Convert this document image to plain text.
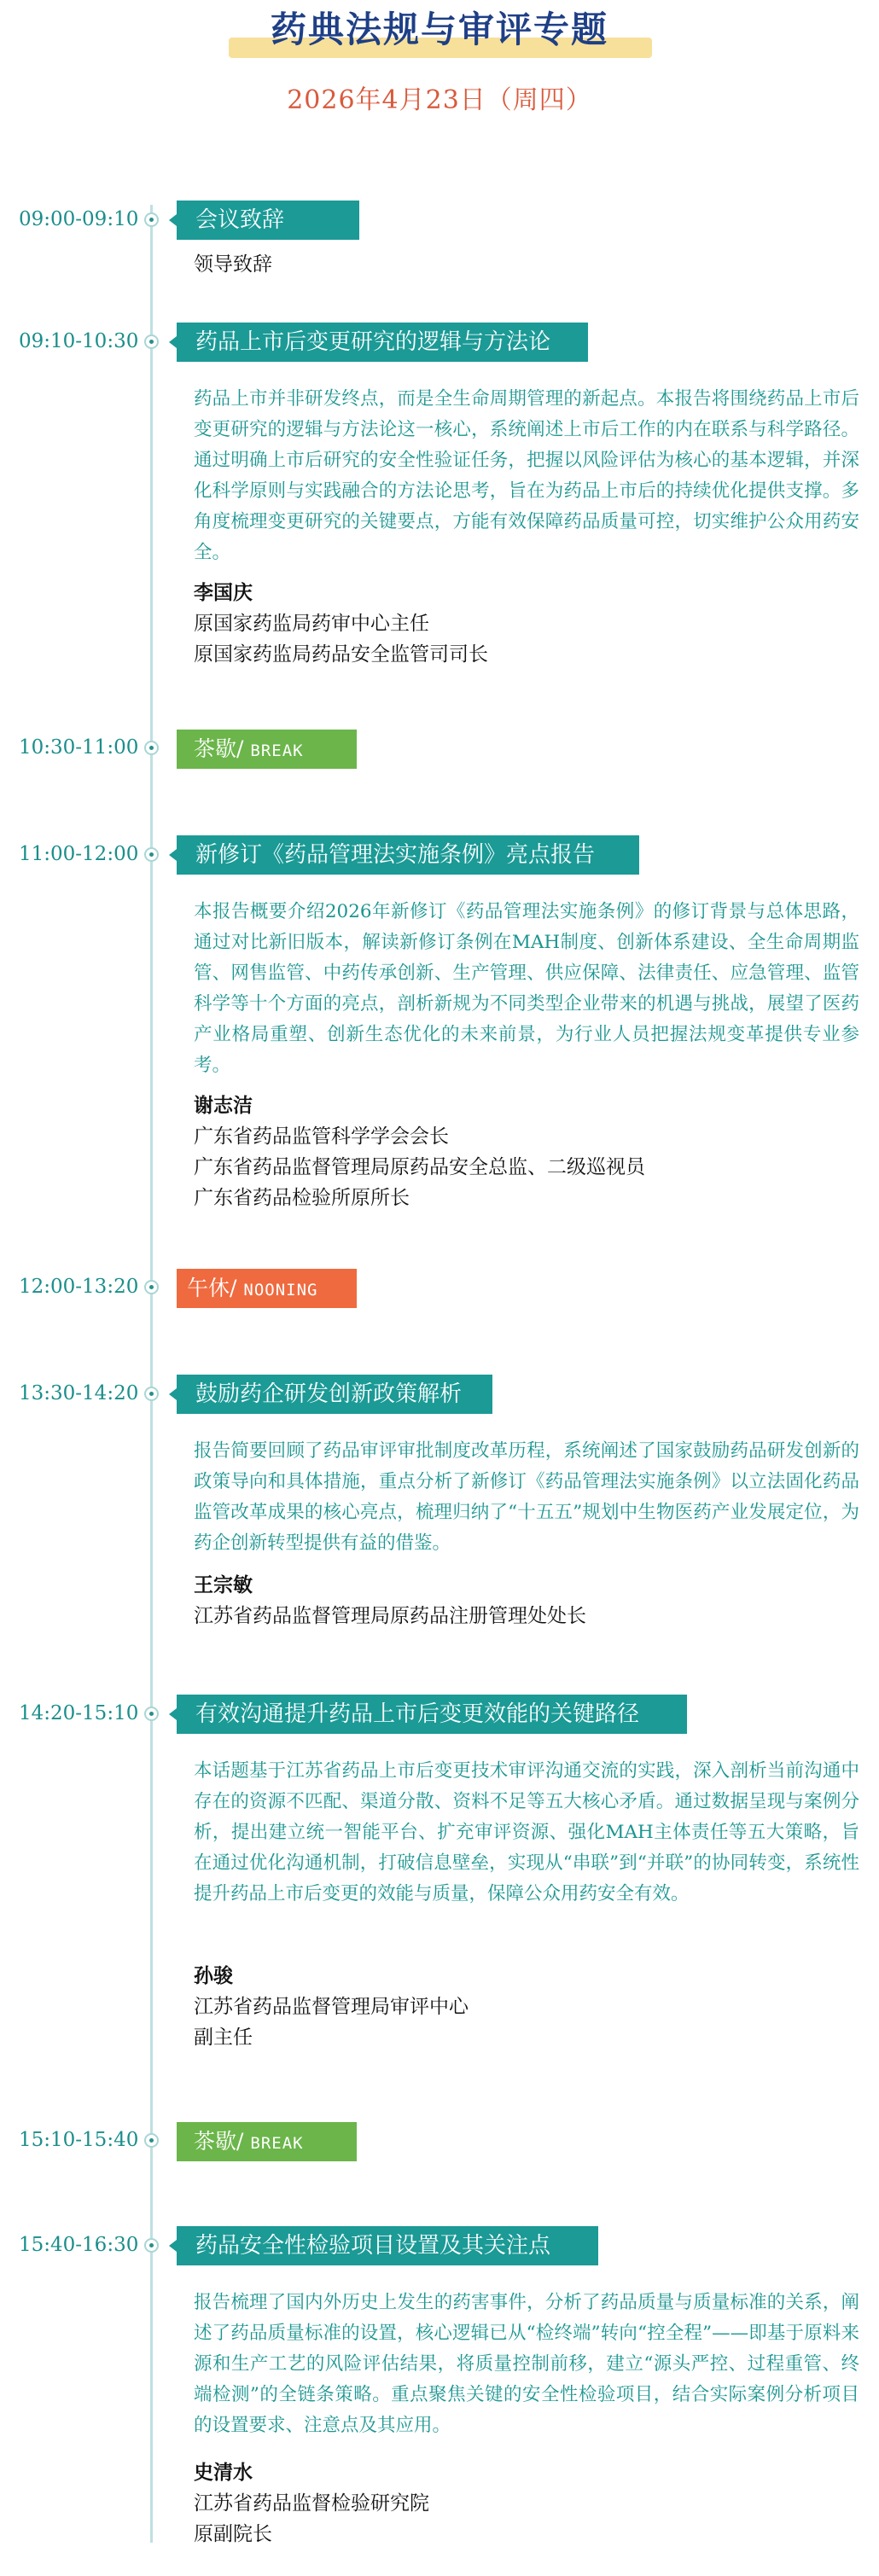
药典法规与审评专题
2026年4月23日（周四）
09:00-09:10	会议致辞
领导致辞
09:10-10:30	药品上市后变更研究的逻辑与方法论
药品上市并非研发终点，而是全生命周期管理的新起点。本报告将围绕药品上市后变更研究的逻辑与方法论这一核心，系统阐述上市后工作的内在联系与科学路径。通过明确上市后研究的安全性验证任务，把握以风险评估为核心的基本逻辑，并深化科学原则与实践融合的方法论思考，旨在为药品上市后的持续优化提供支撑。多角度梳理变更研究的关键要点，方能有效保障药品质量可控，切实维护公众用药安全。
李国庆
原国家药监局药审中心主任
原国家药监局药品安全监管司司长
10:30-11:00	茶歇/ BREAK
11:00-12:00	新修订《药品管理法实施条例》亮点报告
本报告概要介绍2026年新修订《药品管理法实施条例》的修订背景与总体思路，通过对比新旧版本，解读新修订条例在MAH制度、创新体系建设、全生命周期监管、网售监管、中药传承创新、生产管理、供应保障、法律责任、应急管理、监管科学等十个方面的亮点，剖析新规为不同类型企业带来的机遇与挑战，展望了医药产业格局重塑、创新生态优化的未来前景，为行业人员把握法规变革提供专业参考。
谢志洁
广东省药品监管科学学会会长
广东省药品监督管理局原药品安全总监、二级巡视员
广东省药品检验所原所长
12:00-13:20	午休/ NOONING
13:30-14:20	鼓励药企研发创新政策解析
报告简要回顾了药品审评审批制度改革历程，系统阐述了国家鼓励药品研发创新的政策导向和具体措施，重点分析了新修订《药品管理法实施条例》以立法固化药品监管改革成果的核心亮点，梳理归纳了“十五五”规划中生物医药产业发展定位，为药企创新转型提供有益的借鉴。
王宗敏
江苏省药品监督管理局原药品注册管理处处长
14:20-15:10	有效沟通提升药品上市后变更效能的关键路径
本话题基于江苏省药品上市后变更技术审评沟通交流的实践，深入剖析当前沟通中存在的资源不匹配、渠道分散、资料不足等五大核心矛盾。通过数据呈现与案例分析，提出建立统一智能平台、扩充审评资源、强化MAH主体责任等五大策略，旨在通过优化沟通机制，打破信息壁垒，实现从“串联”到“并联”的协同转变，系统性提升药品上市后变更的效能与质量，保障公众用药安全有效。
孙骏
江苏省药品监督管理局审评中心
副主任
15:10-15:40	茶歇/ BREAK
15:40-16:30	药品安全性检验项目设置及其关注点
报告梳理了国内外历史上发生的药害事件，分析了药品质量与质量标准的关系，阐述了药品质量标准的设置，核心逻辑已从“检终端”转向“控全程”——即基于原料来源和生产工艺的风险评估结果，将质量控制前移，建立“源头严控、过程重管、终端检测”的全链条策略。重点聚焦关键的安全性检验项目，结合实际案例分析项目的设置要求、注意点及其应用。
史清水
江苏省药品监督检验研究院
原副院长
